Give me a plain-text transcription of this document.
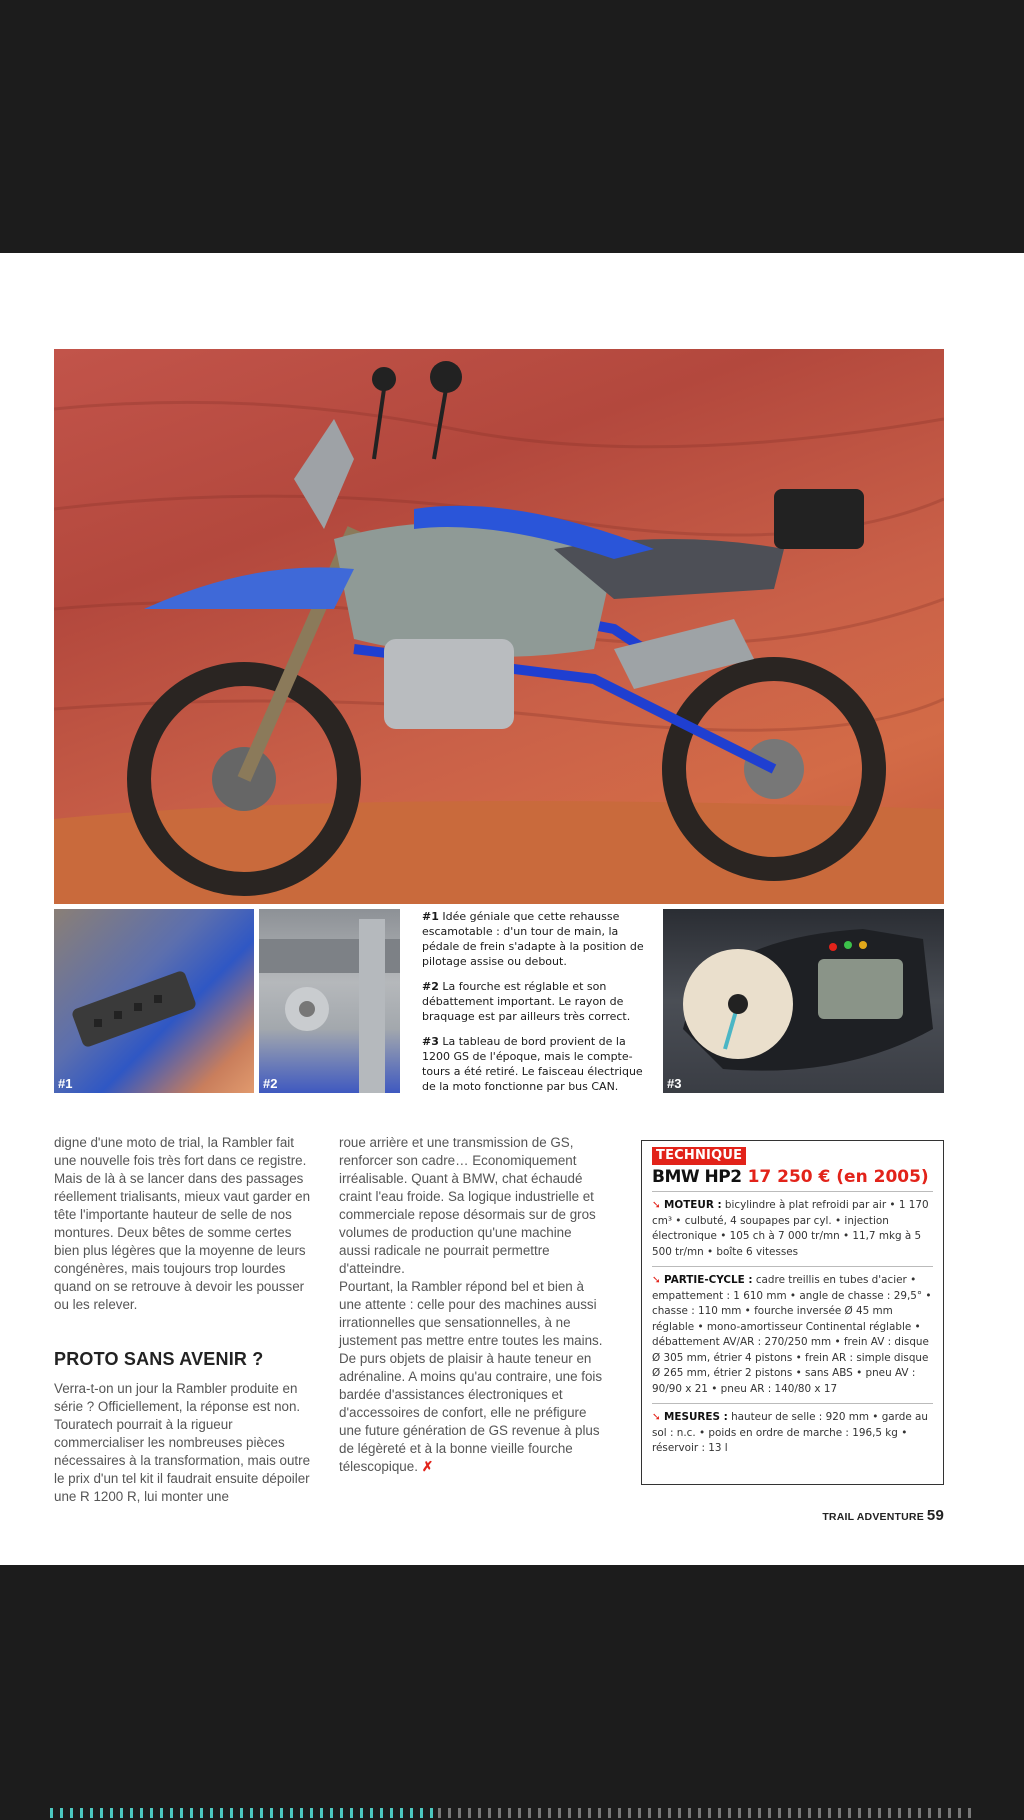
#1	#2

#1 Idée géniale que cette rehausse escamotable : d'un tour de main, la pédale de frein s'adapte à la position de pilotage assise ou debout.

#2 La fourche est réglable et son débattement important. Le rayon de braquage est par ailleurs très correct.

#3 La tableau de bord provient de la 1200 GS de l'époque, mais le compte-tours a été retiré. Le faisceau électrique de la moto fonctionne par bus CAN.	#3

digne d'une moto de trial, la Rambler fait une nouvelle fois très fort dans ce registre. Mais de là à se lancer dans des passages réellement trialisants, mieux vaut garder en tête l'importante hauteur de selle de nos montures. Deux bêtes de somme certes bien plus légères que la moyenne de leurs congénères, mais toujours trop lourdes quand on se retrouve à devoir les pousser ou les relever.

PROTO SANS AVENIR ?

Verra-t-on un jour la Rambler produite en série ? Officiellement, la réponse est non. Touratech pourrait à la rigueur commercialiser les nombreuses pièces nécessaires à la transformation, mais outre le prix d'un tel kit il faudrait ensuite dépoiler une R 1200 R, lui monter une

roue arrière et une transmission de GS, renforcer son cadre… Economiquement irréalisable. Quant à BMW, chat échaudé craint l'eau froide. Sa logique industrielle et commerciale repose désormais sur de gros volumes de production qu'une machine aussi radicale ne pourrait permettre d'atteindre.

Pourtant, la Rambler répond bel et bien à une attente : celle pour des machines aussi irrationnelles que sensationnelles, à ne justement pas mettre entre toutes les mains. De purs objets de plaisir à haute teneur en adrénaline. A moins qu'au contraire, une fois bardée d'assistances électroniques et d'accessoires de confort, elle ne préfigure une future génération de GS revenue à plus de légèreté et à la bonne vieille fourche télescopique. ✗

TECHNIQUE
BMW HP2 17 250 € (en 2005)
➘ MOTEUR : bicylindre à plat refroidi par air • 1 170 cm³ • culbuté, 4 soupapes par cyl. • injection électronique • 105 ch à 7 000 tr/mn • 11,7 mkg à 5 500 tr/mn • boîte 6 vitesses
➘ PARTIE-CYCLE : cadre treillis en tubes d'acier • empattement : 1 610 mm • angle de chasse : 29,5° • chasse : 110 mm • fourche inversée Ø 45 mm réglable • mono-amortisseur Continental réglable • débattement AV/AR : 270/250 mm • frein AV : disque Ø 305 mm, étrier 4 pistons • frein AR : simple disque Ø 265 mm, étrier 2 pistons • sans ABS • pneu AV : 90/90 x 21 • pneu AR : 140/80 x 17
➘ MESURES : hauteur de selle : 920 mm • garde au sol : n.c. • poids en ordre de marche : 196,5 kg • réservoir : 13 l
TRAIL ADVENTURE 59
